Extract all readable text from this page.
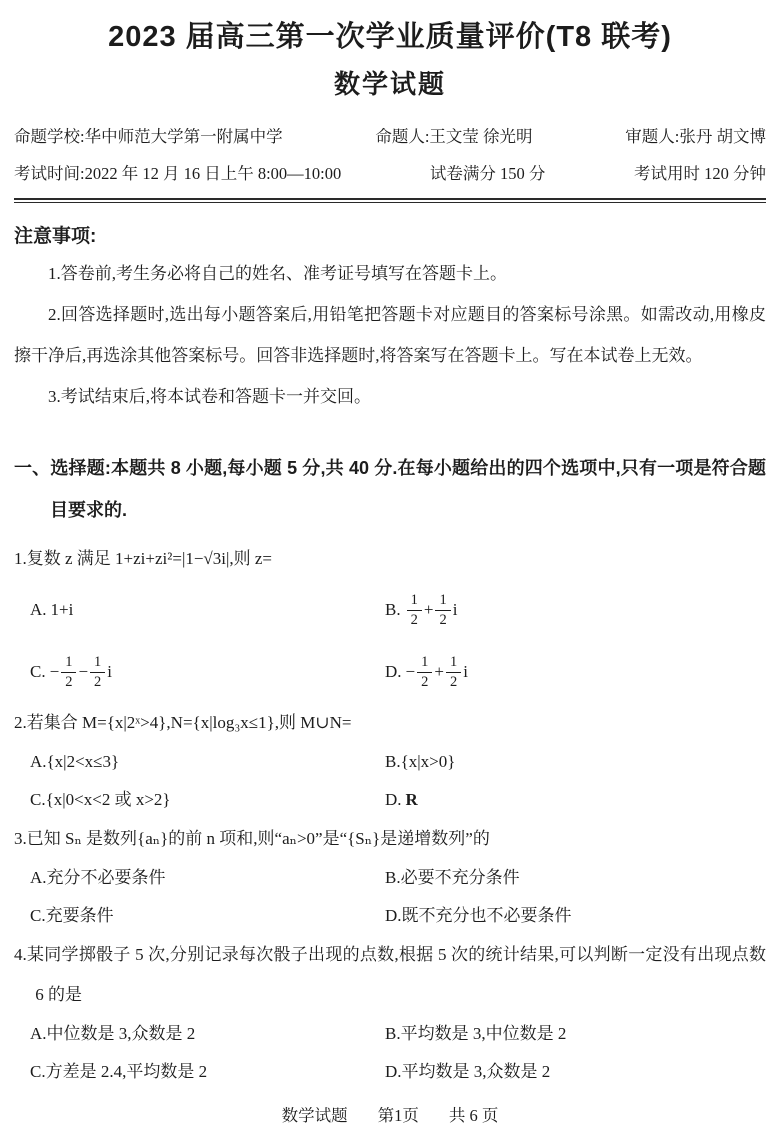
2023 届高三第一次学业质量评价(T8 联考)
数学试题
命题学校:华中师范大学第一附属中学	命题人:王文莹 徐光明	审题人:张丹 胡文博
考试时间:2022 年 12 月 16 日上午 8:00—10:00	试卷满分 150 分	考试用时 120 分钟
注意事项:

1.答卷前,考生务必将自己的姓名、准考证号填写在答题卡上。

2.回答选择题时,选出每小题答案后,用铅笔把答题卡对应题目的答案标号涂黑。如需改动,用橡皮擦干净后,再选涂其他答案标号。回答非选择题时,将答案写在答题卡上。写在本试卷上无效。

3.考试结束后,将本试卷和答题卡一并交回。

一、选择题:本题共 8 小题,每小题 5 分,共 40 分.在每小题给出的四个选项中,只有一项是符合题目要求的.

1.复数 z 满足 1+zi+zi²=|1−√3i|,则 z=

A. 1+i	B. $\frac{1}{2} + \frac{1}{2}$ i
C. − $\frac{1}{2} - \frac{1}{2}$ i	D. − $\frac{1}{2} + \frac{1}{2}$ i

2.若集合 M={x|2ˣ>4},N={x|log₃x≤1},则 M∪N=

A.{x|2<x≤3}	B.{x|x>0}
C.{x|0<x<2 或 x>2}	D. R

3.已知 Sₙ 是数列{aₙ}的前 n 项和,则“aₙ>0”是“{Sₙ}是递增数列”的

A.充分不必要条件	B.必要不充分条件
C.充要条件	D.既不充分也不必要条件

4.某同学掷骰子 5 次,分别记录每次骰子出现的点数,根据 5 次的统计结果,可以判断一定没有出现点数 6 的是

A.中位数是 3,众数是 2	B.平均数是 3,中位数是 2
C.方差是 2.4,平均数是 2	D.平均数是 3,众数是 2
数学试题 第1页 共 6 页
